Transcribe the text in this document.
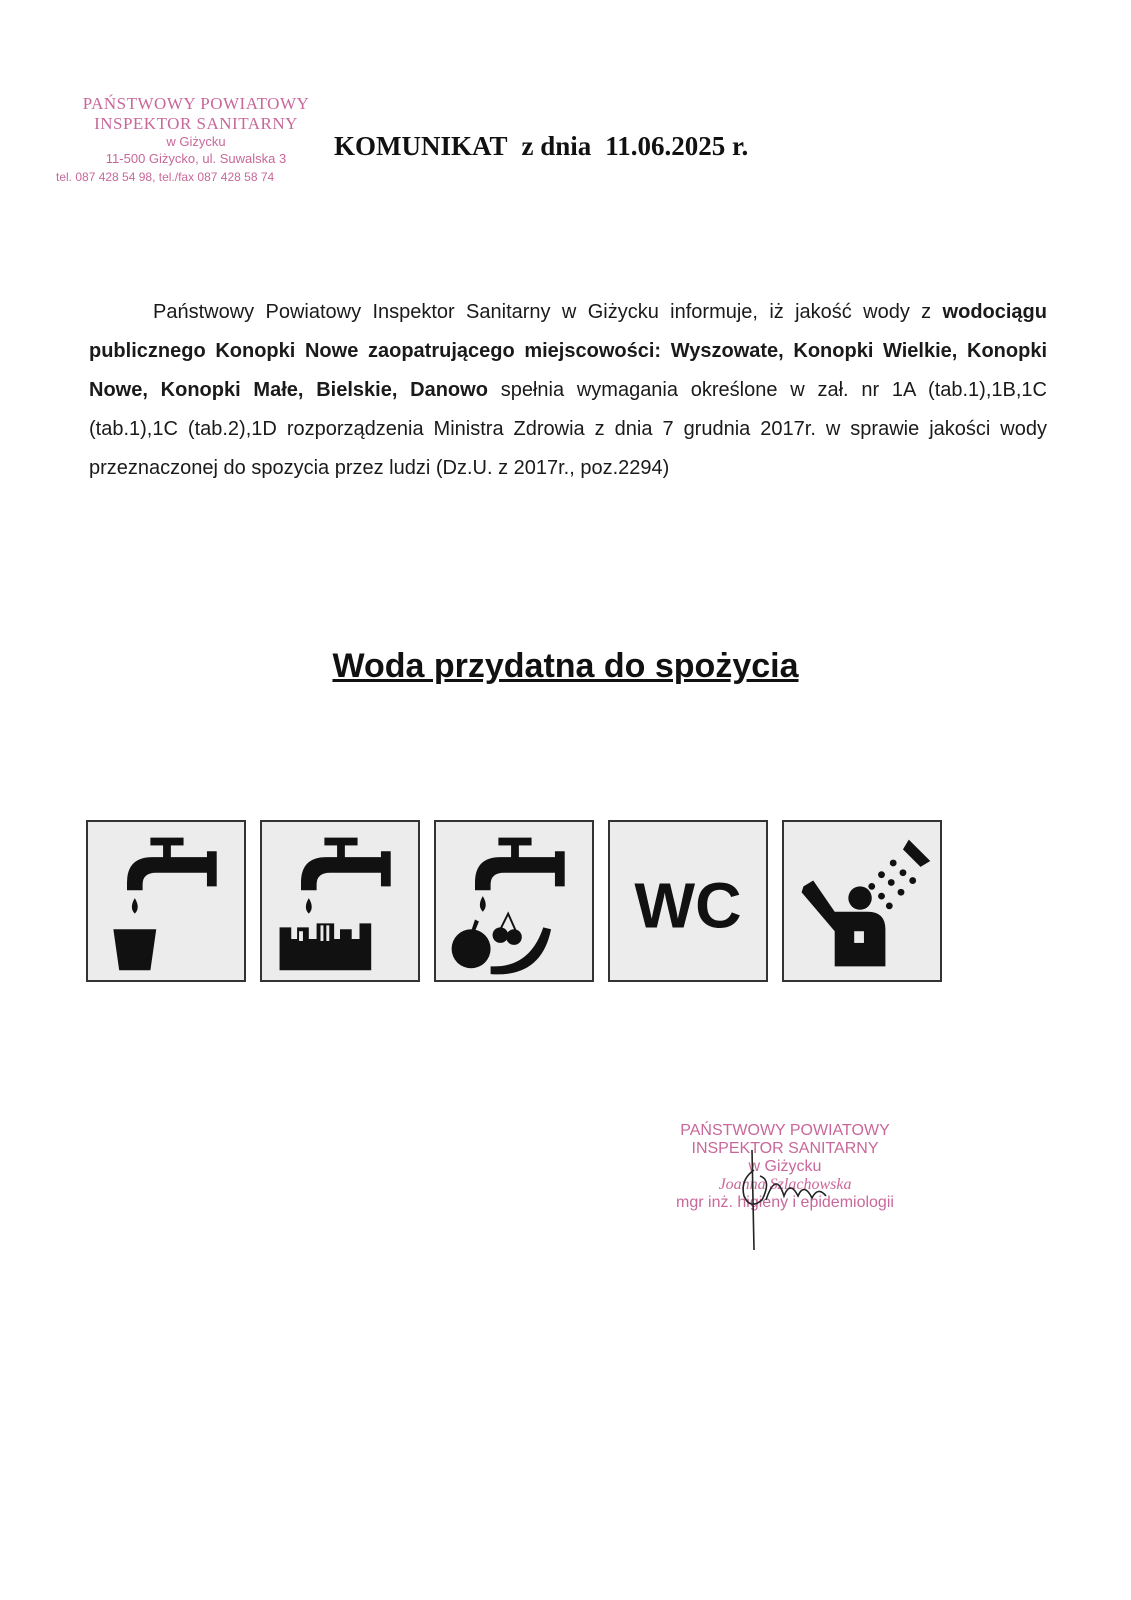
PAŃSTWOWY POWIATOWY
INSPEKTOR SANITARNY
w Giżycku
11-500 Giżycko, ul. Suwalska 3
tel. 087 428 54 98, tel./fax 087 428 58 74
KOMUNIKAT z dnia 11.06.2025 r.
Państwowy Powiatowy Inspektor Sanitarny w Giżycku informuje, iż jakość wody z wodociągu publicznego Konopki Nowe zaopatrującego miejscowości: Wyszowate, Konopki Wielkie, Konopki Nowe, Konopki Małe, Bielskie, Danowo spełnia wymagania określone w zał. nr 1A (tab.1),1B,1C (tab.1),1C (tab.2),1D rozporządzenia Ministra Zdrowia z dnia 7 grudnia 2017r. w sprawie jakości wody przeznaczonej do spozycia przez ludzi (Dz.U. z 2017r., poz.2294)
Woda przydatna do spożycia
WC
PAŃSTWOWY POWIATOWY
INSPEKTOR SANITARNY
w Giżycku
Joanna Szlachowska
mgr inż. higieny i epidemiologii
